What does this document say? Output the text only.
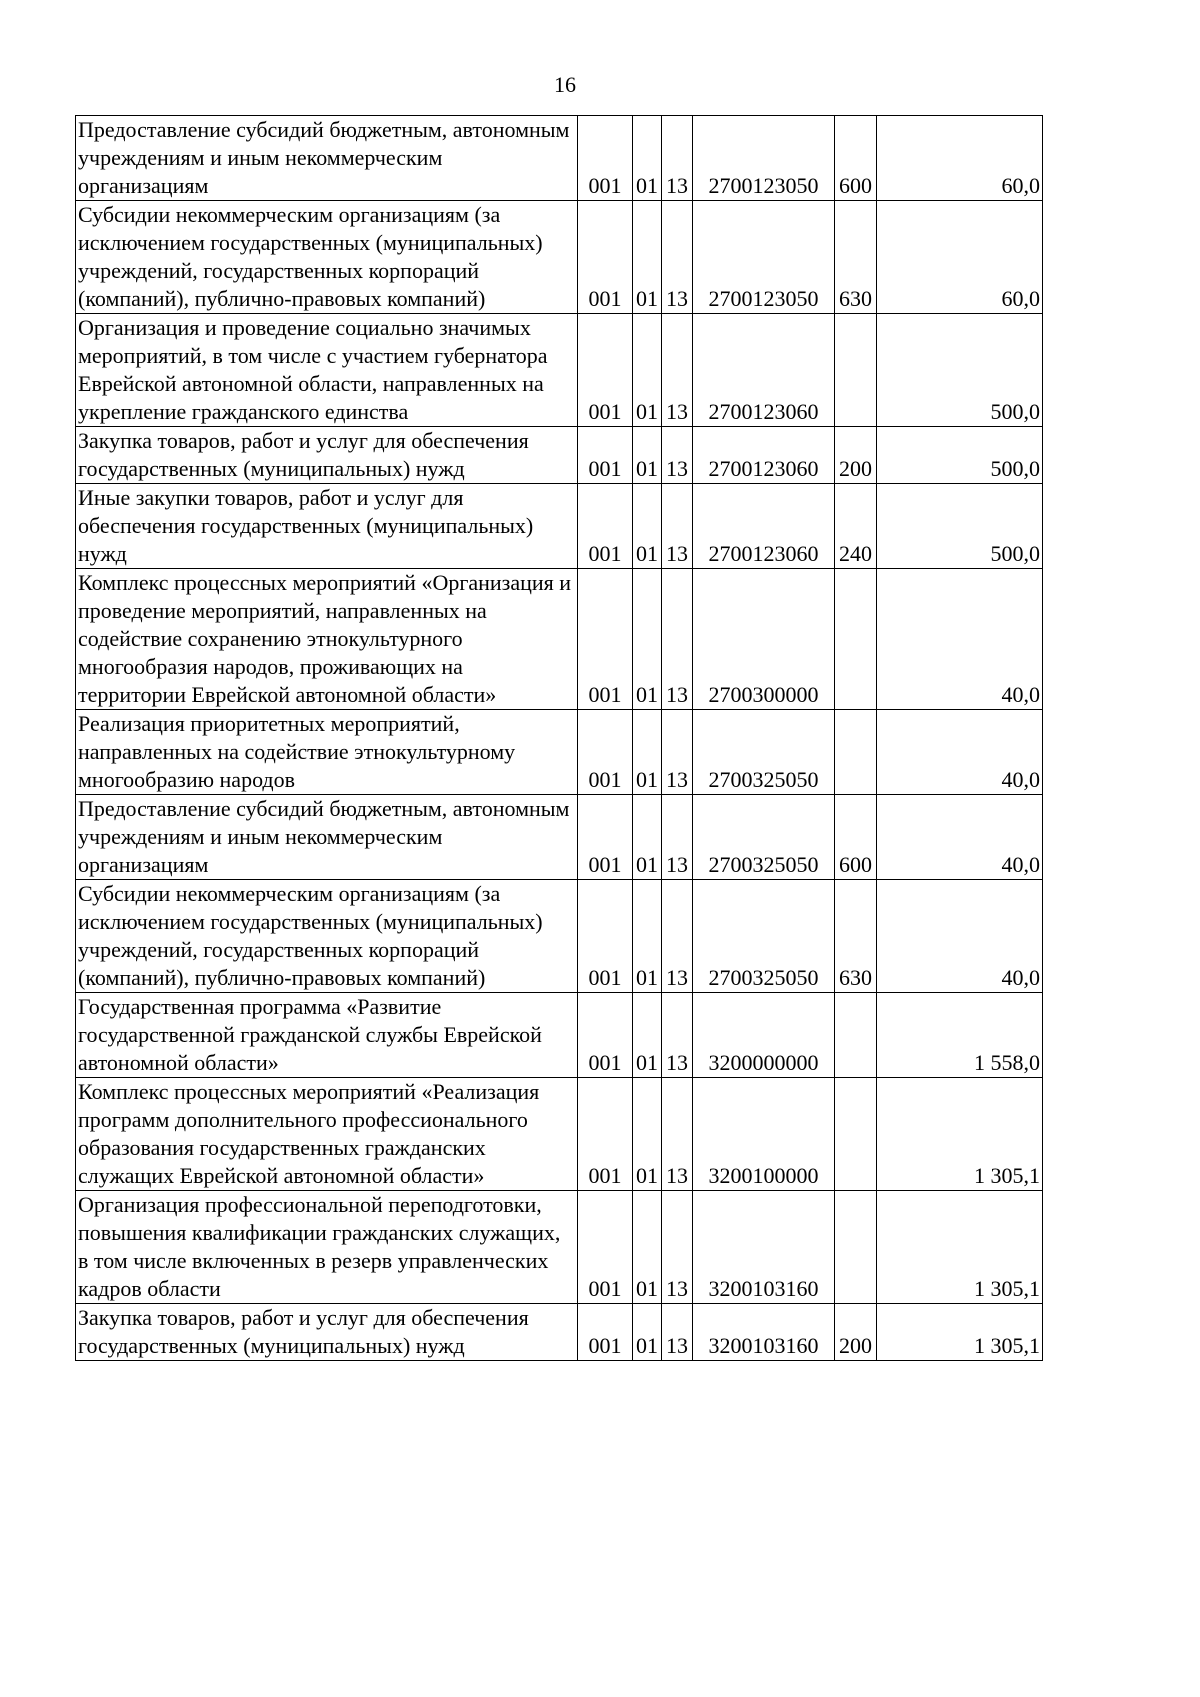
16
Предоставление субсидий бюджетным, автономным учреждениям и иным некоммерческим организациям	001	01	13	2700123050	600	60,0
Субсидии некоммерческим организациям (за исключением государственных (муниципальных) учреждений, государственных корпораций (компаний), публично-правовых компаний)	001	01	13	2700123050	630	60,0
Организация и проведение социально значимых мероприятий, в том числе с участием губернатора Еврейской автономной области, направленных на укрепление гражданского единства	001	01	13	2700123060		500,0
Закупка товаров, работ и услуг для обеспечения государственных (муниципальных) нужд	001	01	13	2700123060	200	500,0
Иные закупки товаров, работ и услуг для обеспечения государственных (муниципальных) нужд	001	01	13	2700123060	240	500,0
Комплекс процессных мероприятий «Организация и проведение мероприятий, направленных на содействие сохранению этнокультурного многообразия народов, проживающих на территории Еврейской автономной области»	001	01	13	2700300000		40,0
Реализация приоритетных мероприятий, направленных на содействие этнокультурному многообразию народов	001	01	13	2700325050		40,0
Предоставление субсидий бюджетным, автономным учреждениям и иным некоммерческим организациям	001	01	13	2700325050	600	40,0
Субсидии некоммерческим организациям (за исключением государственных (муниципальных) учреждений, государственных корпораций (компаний), публично-правовых компаний)	001	01	13	2700325050	630	40,0
Государственная программа «Развитие государственной гражданской службы Еврейской автономной области»	001	01	13	3200000000		1 558,0
Комплекс процессных мероприятий «Реализация программ дополнительного профессионального образования государственных гражданских служащих Еврейской автономной области»	001	01	13	3200100000		1 305,1
Организация профессиональной переподготовки, повышения квалификации гражданских служащих, в том числе включенных в резерв управленческих кадров области	001	01	13	3200103160		1 305,1
Закупка товаров, работ и услуг для обеспечения государственных (муниципальных) нужд	001	01	13	3200103160	200	1 305,1
